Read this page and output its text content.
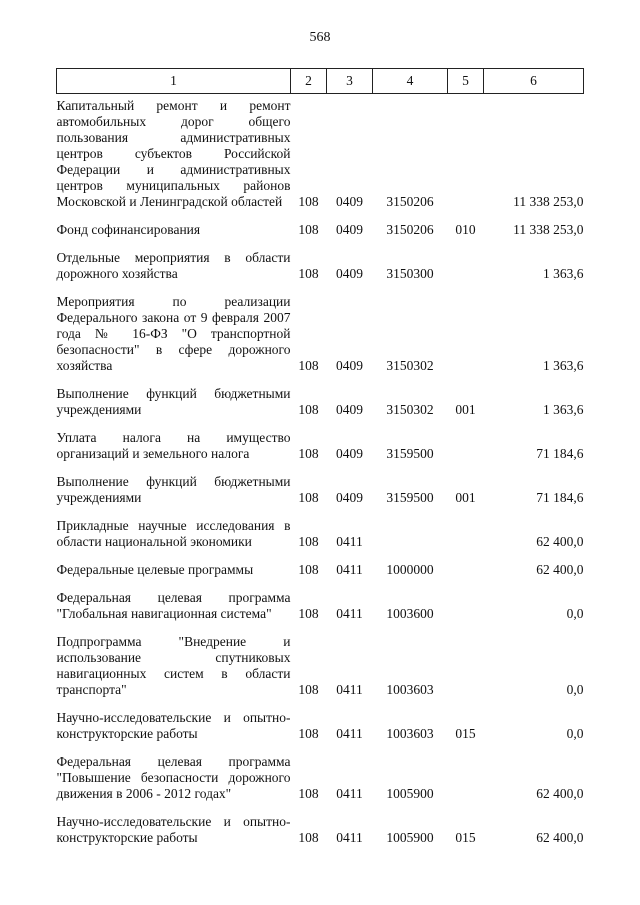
568
1	2	3	4	5	6
Капитальный ремонт и ремонт автомобильных дорог общего пользования административных центров субъектов Российской Федерации и административных центров муниципальных районов Московской и Ленинградской областей	108	0409	3150206		11 338 253,0
Фонд софинансирования	108	0409	3150206	010	11 338 253,0
Отдельные мероприятия в области дорожного хозяйства	108	0409	3150300		1 363,6
Мероприятия по реализации Федерального закона от 9 февраля 2007 года № 16-ФЗ "О транспортной безопасности" в сфере дорожного хозяйства	108	0409	3150302		1 363,6
Выполнение функций бюджетными учреждениями	108	0409	3150302	001	1 363,6
Уплата налога на имущество организаций и земельного налога	108	0409	3159500		71 184,6
Выполнение функций бюджетными учреждениями	108	0409	3159500	001	71 184,6
Прикладные научные исследования в области национальной экономики	108	0411			62 400,0
Федеральные целевые программы	108	0411	1000000		62 400,0
Федеральная целевая программа "Глобальная навигационная система"	108	0411	1003600		0,0
Подпрограмма "Внедрение и использование спутниковых навигационных систем в области транспорта"	108	0411	1003603		0,0
Научно-исследовательские и опытно-конструкторские работы	108	0411	1003603	015	0,0
Федеральная целевая программа "Повышение безопасности дорожного движения в 2006 - 2012 годах"	108	0411	1005900		62 400,0
Научно-исследовательские и опытно-конструкторские работы	108	0411	1005900	015	62 400,0
